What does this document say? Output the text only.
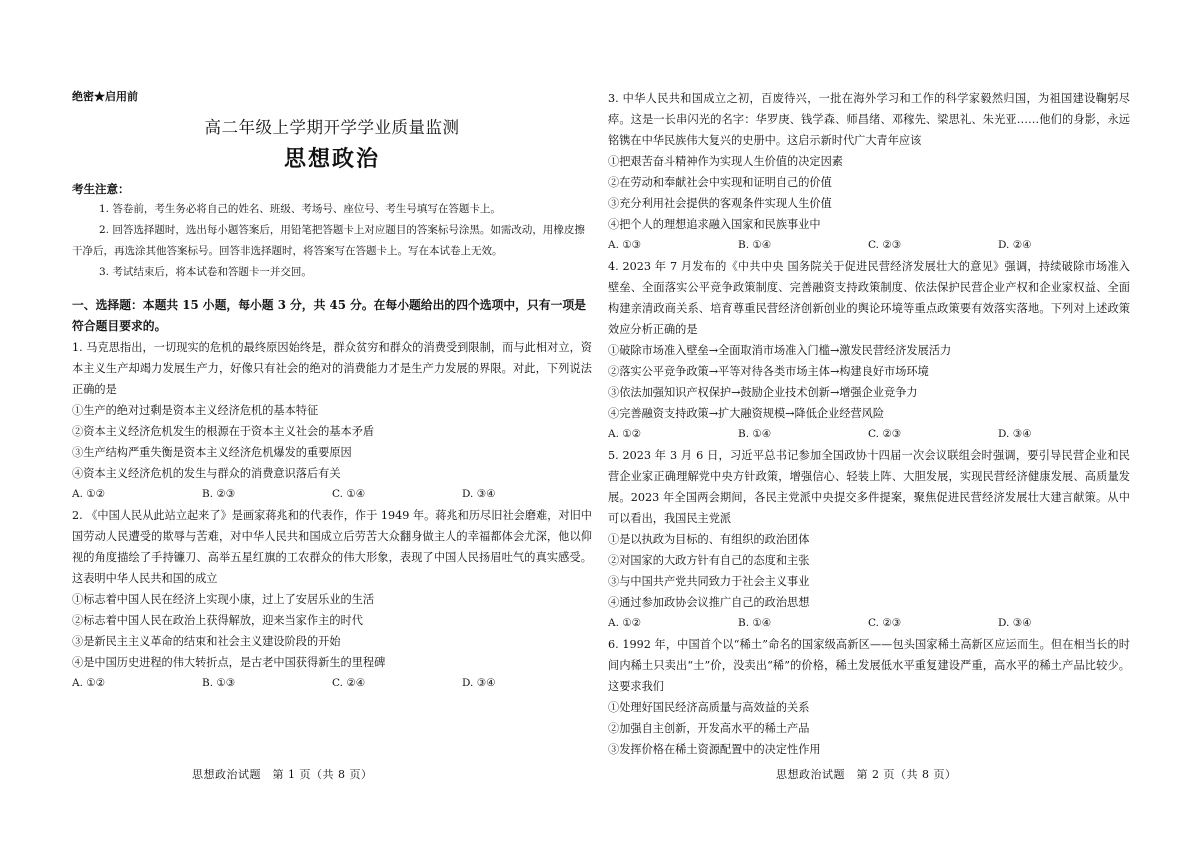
绝密★启用前

高二年级上学期开学学业质量监测

思想政治

考生注意：

1. 答卷前，考生务必将自己的姓名、班级、考场号、座位号、考生号填写在答题卡上。

2. 回答选择题时，选出每小题答案后，用铅笔把答题卡上对应题目的答案标号涂黑。如需改动，用橡皮擦干净后，再选涂其他答案标号。回答非选择题时，将答案写在答题卡上。写在本试卷上无效。

3. 考试结束后，将本试卷和答题卡一并交回。

一、选择题：本题共 15 小题，每小题 3 分，共 45 分。在每小题给出的四个选项中，只有一项是符合题目要求的。

1. 马克思指出，一切现实的危机的最终原因始终是，群众贫穷和群众的消费受到限制，而与此相对立，资本主义生产却竭力发展生产力，好像只有社会的绝对的消费能力才是生产力发展的界限。对此，下列说法正确的是

①生产的绝对过剩是资本主义经济危机的基本特征

②资本主义经济危机发生的根源在于资本主义社会的基本矛盾

③生产结构严重失衡是资本主义经济危机爆发的重要原因

④资本主义经济危机的发生与群众的消费意识落后有关

A. ①②	B. ②③	C. ①④	D. ③④

2. 《中国人民从此站立起来了》是画家蒋兆和的代表作，作于 1949 年。蒋兆和历尽旧社会磨难，对旧中国劳动人民遭受的欺辱与苦难，对中华人民共和国成立后劳苦大众翻身做主人的幸福都体会尤深，他以仰视的角度描绘了手持镰刀、高举五星红旗的工农群众的伟大形象，表现了中国人民扬眉吐气的真实感受。这表明中华人民共和国的成立

①标志着中国人民在经济上实现小康，过上了安居乐业的生活

②标志着中国人民在政治上获得解放，迎来当家作主的时代

③是新民主主义革命的结束和社会主义建设阶段的开始

④是中国历史进程的伟大转折点，是古老中国获得新生的里程碑

A. ①②	B. ①③	C. ②④	D. ③④

3. 中华人民共和国成立之初，百废待兴，一批在海外学习和工作的科学家毅然归国，为祖国建设鞠躬尽瘁。这是一长串闪光的名字：华罗庚、钱学森、师昌绪、邓稼先、梁思礼、朱光亚……他们的身影，永远铭镌在中华民族伟大复兴的史册中。这启示新时代广大青年应该

①把艰苦奋斗精神作为实现人生价值的决定因素

②在劳动和奉献社会中实现和证明自己的价值

③充分利用社会提供的客观条件实现人生价值

④把个人的理想追求融入国家和民族事业中

A. ①③	B. ①④	C. ②③	D. ②④

4. 2023 年 7 月发布的《中共中央 国务院关于促进民营经济发展壮大的意见》强调，持续破除市场准入壁垒、全面落实公平竞争政策制度、完善融资支持政策制度、依法保护民营企业产权和企业家权益、全面构建亲清政商关系、培育尊重民营经济创新创业的舆论环境等重点政策要有效落实落地。下列对上述政策效应分析正确的是

①破除市场准入壁垒→全面取消市场准入门槛→激发民营经济发展活力

②落实公平竞争政策→平等对待各类市场主体→构建良好市场环境

③依法加强知识产权保护→鼓励企业技术创新→增强企业竞争力

④完善融资支持政策→扩大融资规模→降低企业经营风险

A. ①②	B. ①④	C. ②③	D. ③④

5. 2023 年 3 月 6 日，习近平总书记参加全国政协十四届一次会议联组会时强调，要引导民营企业和民营企业家正确理解党中央方针政策，增强信心、轻装上阵、大胆发展，实现民营经济健康发展、高质量发展。2023 年全国两会期间，各民主党派中央提交多件提案，聚焦促进民营经济发展壮大建言献策。从中可以看出，我国民主党派

①是以执政为目标的、有组织的政治团体

②对国家的大政方针有自己的态度和主张

③与中国共产党共同致力于社会主义事业

④通过参加政协会议推广自己的政治思想

A. ①②	B. ①④	C. ②③	D. ③④

6. 1992 年，中国首个以“稀土”命名的国家级高新区——包头国家稀土高新区应运而生。但在相当长的时间内稀土只卖出“土”价，没卖出“稀”的价格，稀土发展低水平重复建设严重，高水平的稀土产品比较少。这要求我们

①处理好国民经济高质量与高效益的关系

②加强自主创新，开发高水平的稀土产品

③发挥价格在稀土资源配置中的决定性作用

思想政治试题　第 1 页（共 8 页）	思想政治试题　第 2 页（共 8 页）
